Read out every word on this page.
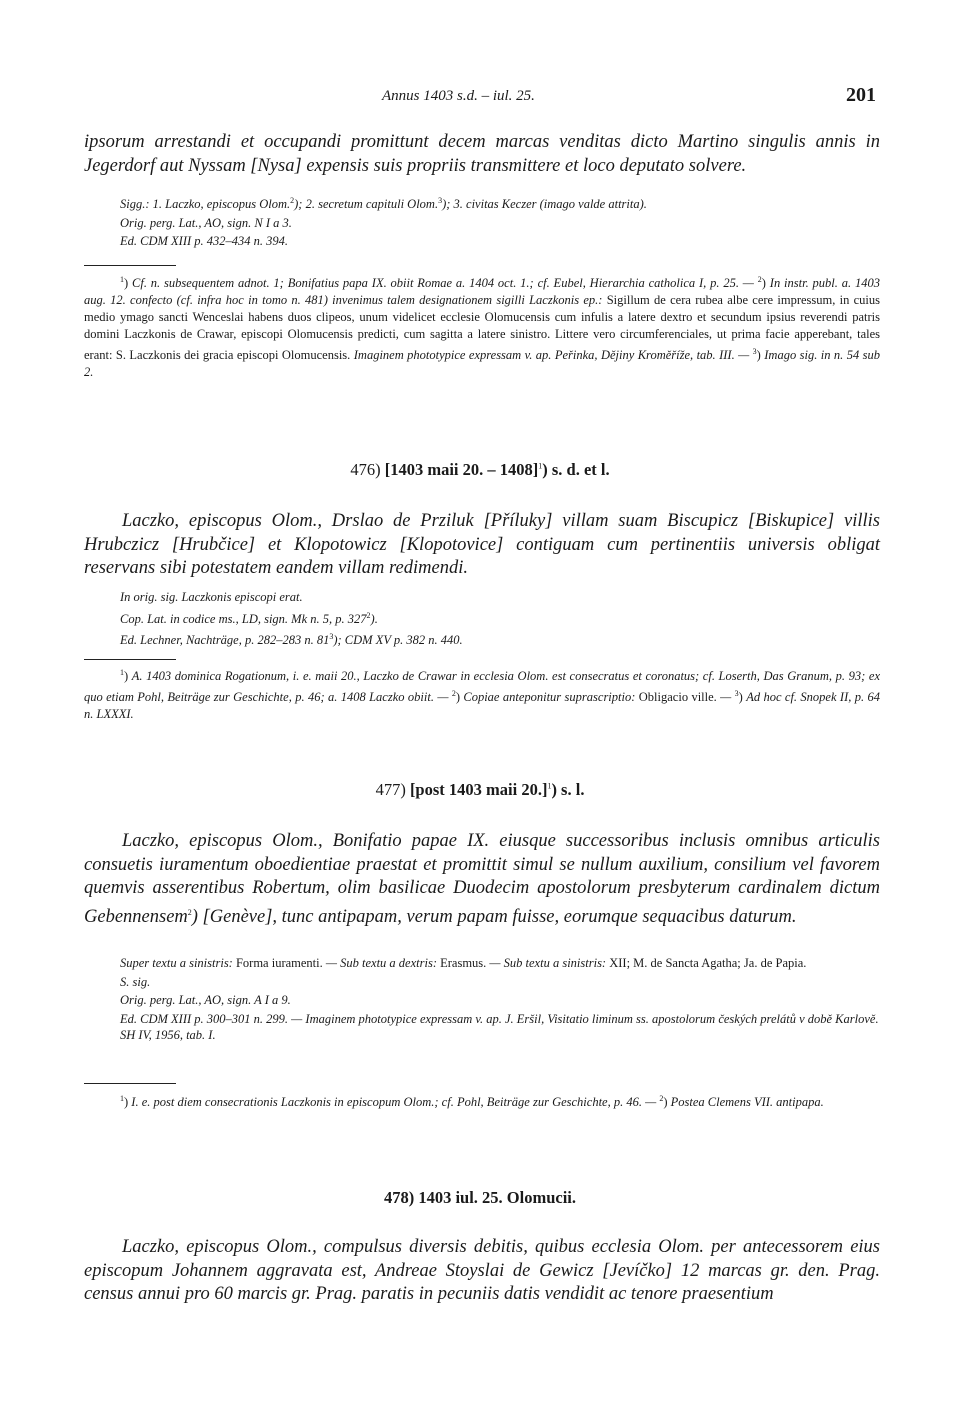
Annus 1403 s.d. – iul. 25.	201

ipsorum arrestandi et occupandi promittunt decem marcas venditas dicto Martino singulis annis in Jegerdorf aut Nyssam [Nysa] expensis suis propriis transmittere et loco deputato solvere.

Sigg.: 1. Laczko, episcopus Olom.$^2$); 2. secretum capituli Olom.$^3$); 3. civitas Keczer (imago valde attrita).

Orig. perg. Lat., AO, sign. N I a 3.

Ed. CDM XIII p. 432–434 n. 394.

$^1$) Cf. n. subsequentem adnot. 1; Bonifatius papa IX. obiit Romae a. 1404 oct. 1.; cf. Eubel, Hierarchia catholica I, p. 25. — $^2$) In instr. publ. a. 1403 aug. 12. confecto (cf. infra hoc in tomo n. 481) invenimus talem designationem sigilli Laczkonis ep.: Sigillum de cera rubea albe cere impressum, in cuius medio ymago sancti Wenceslai habens duos clipeos, unum videlicet ecclesie Olomucensis cum infulis a latere dextro et secundum ipsius reverendi patris domini Laczkonis de Crawar, episcopi Olomucensis predicti, cum sagitta a latere sinistro. Littere vero circumferenciales, ut prima facie apperebant, tales erant: S. Laczkonis dei gracia episcopi Olomucensis. Imaginem phototypice expressam v. ap. Peřinka, Dějiny Kroměříže, tab. III. — $^3$) Imago sig. in n. 54 sub 2.

476) [1403 maii 20. – 1408]$^1$) s. d. et l.

Laczko, episcopus Olom., Drslao de Prziluk [Příluky] villam suam Biscupicz [Biskupice] villis Hrubczicz [Hrubčice] et Klopotowicz [Klopotovice] contiguam cum pertinentiis universis obligat reservans sibi potestatem eandem villam redimendi.

In orig. sig. Laczkonis episcopi erat.

Cop. Lat. in codice ms., LD, sign. Mk n. 5, p. $327^2$).

Ed. Lechner, Nachträge, p. 282–283 n. $81^3$); CDM XV p. 382 n. 440.

$^1$) A. 1403 dominica Rogationum, i. e. maii 20., Laczko de Crawar in ecclesia Olom. est consecratus et coronatus; cf. Loserth, Das Granum, p. 93; ex quo etiam Pohl, Beiträge zur Geschichte, p. 46; a. 1408 Laczko obiit. — $^2$) Copiae anteponitur suprascriptio: Obligacio ville. — $^3$) Ad hoc cf. Snopek II, p. 64 n. LXXXI.

477) [post 1403 maii 20.]$^1$) s. l.

Laczko, episcopus Olom., Bonifatio papae IX. eiusque successoribus inclusis omnibus articulis consuetis iuramentum oboedientiae praestat et promittit simul se nullum auxilium, consilium vel favorem quemvis asserentibus Robertum, olim basilicae Duodecim apostolorum presbyterum cardinalem dictum Gebennensem$^2$) [Genève], tunc antipapam, verum papam fuisse, eorumque sequacibus daturum.

Super textu a sinistris: Forma iuramenti. — Sub textu a dextris: Erasmus. — Sub textu a sinistris: XII; M. de Sancta Agatha; Ja. de Papia.

S. sig.

Orig. perg. Lat., AO, sign. A I a 9.

Ed. CDM XIII p. 300–301 n. 299. — Imaginem phototypice expressam v. ap. J. Eršil, Visitatio liminum ss. apostolorum českých prelátů v době Karlově. SH IV, 1956, tab. I.

$^1$) I. e. post diem consecrationis Laczkonis in episcopum Olom.; cf. Pohl, Beiträge zur Geschichte, p. 46. — $^2$) Postea Clemens VII. antipapa.

478) 1403 iul. 25. Olomucii.

Laczko, episcopus Olom., compulsus diversis debitis, quibus ecclesia Olom. per antecessorem eius episcopum Johannem aggravata est, Andreae Stoyslai de Gewicz [Jevíčko] 12 marcas gr. den. Prag. census annui pro 60 marcis gr. Prag. paratis in pecuniis datis vendidit ac tenore praesentium
